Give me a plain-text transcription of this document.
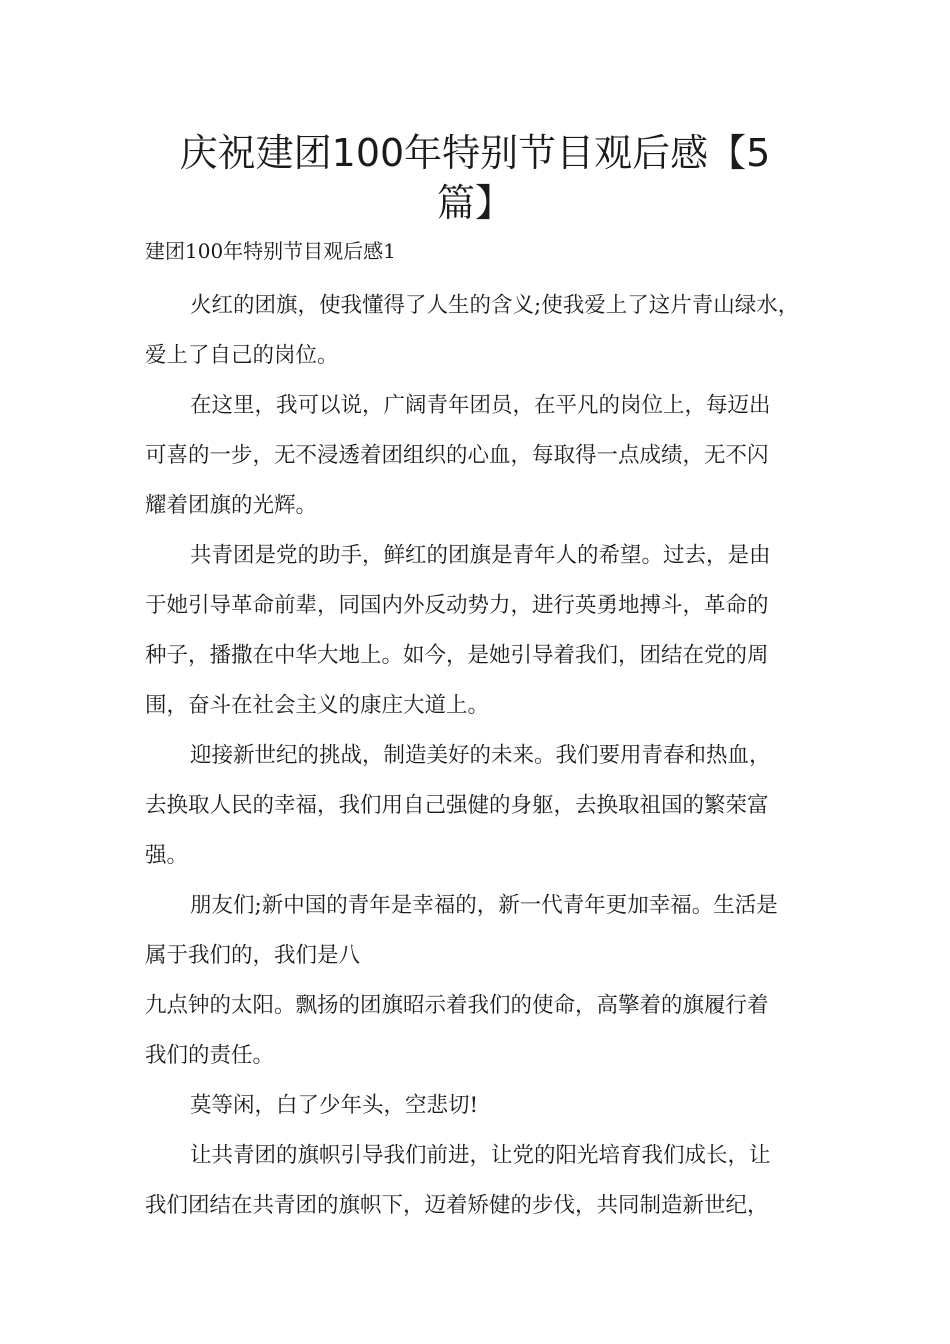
庆祝建团100年特别节目观后感【5
篇】

建团100年特别节目观后感1

火红的团旗，使我懂得了人生的含义;使我爱上了这片青山绿水，
爱上了自己的岗位。
在这里，我可以说，广阔青年团员，在平凡的岗位上，每迈出
可喜的一步，无不浸透着团组织的心血，每取得一点成绩，无不闪
耀着团旗的光辉。
共青团是党的助手，鲜红的团旗是青年人的希望。过去，是由
于她引导革命前辈，同国内外反动势力，进行英勇地搏斗，革命的
种子，播撒在中华大地上。如今，是她引导着我们，团结在党的周
围，奋斗在社会主义的康庄大道上。
迎接新世纪的挑战，制造美好的未来。我们要用青春和热血，
去换取人民的幸福，我们用自己强健的身躯，去换取祖国的繁荣富
强。
朋友们;新中国的青年是幸福的，新一代青年更加幸福。生活是
属于我们的，我们是八
九点钟的太阳。飘扬的团旗昭示着我们的使命，高擎着的旗履行着
我们的责任。
莫等闲，白了少年头，空悲切!
让共青团的旗帜引导我们前进，让党的阳光培育我们成长，让
我们团结在共青团的旗帜下，迈着矫健的步伐，共同制造新世纪，
